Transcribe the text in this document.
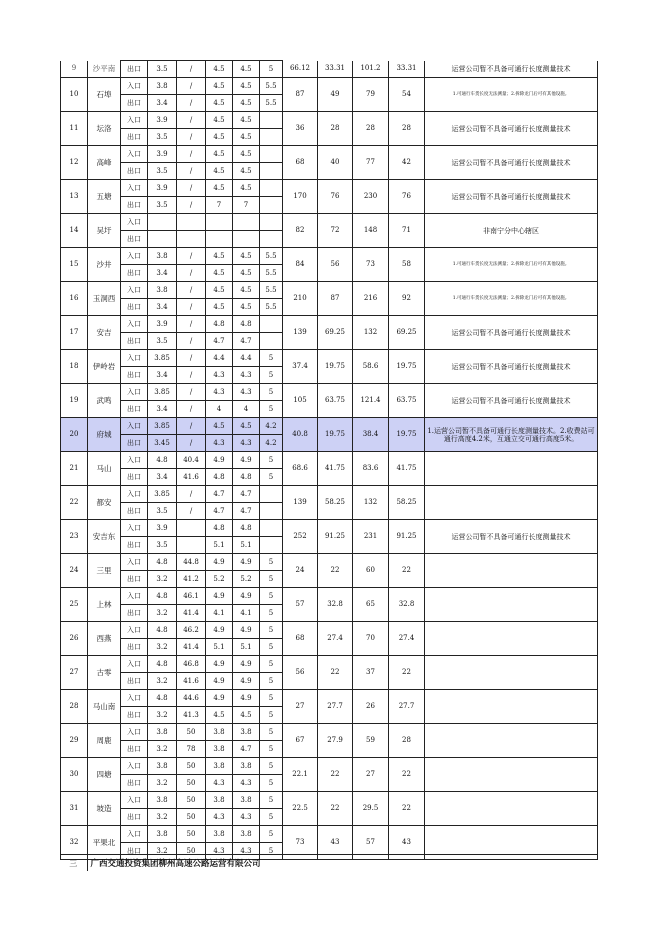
9	沙平南	出口	3.5	/	4.5	4.5	5	66.12	33.31	101.2	33.31	运营公司暂不具备可通行长度测量技术
10	石埠	入口	3.8	/	4.5	4.5	5.5	87	49	79	54	1.可通行车货长度无法测量；2.拆除龙门后可有其他设施。
		出口	3.4	/	4.5	4.5	5.5					
11	坛洛	入口	3.9	/	4.5	4.5		36	28	28	28	运营公司暂不具备可通行长度测量技术
		出口	3.5	/	4.5	4.5						
12	高峰	入口	3.9	/	4.5	4.5		68	40	77	42	运营公司暂不具备可通行长度测量技术
		出口	3.5	/	4.5	4.5						
13	五塘	入口	3.9	/	4.5	4.5		170	76	230	76	运营公司暂不具备可通行长度测量技术
		出口	3.5	/	7	7						
14	吴圩	入口						82	72	148	71	非南宁分中心辖区
		出口										
15	沙井	入口	3.8	/	4.5	4.5	5.5	84	56	73	58	1.可通行车货长度无法测量；2.拆除龙门后可有其他设施。
		出口	3.4	/	4.5	4.5	5.5					
16	玉洞西	入口	3.8	/	4.5	4.5	5.5	210	87	216	92	1.可通行车货长度无法测量；2.拆除龙门后可有其他设施。
		出口	3.4	/	4.5	4.5	5.5					
17	安吉	入口	3.9	/	4.8	4.8		139	69.25	132	69.25	运营公司暂不具备可通行长度测量技术
		出口	3.5	/	4.7	4.7						
18	伊岭岩	入口	3.85	/	4.4	4.4	5	37.4	19.75	58.6	19.75	运营公司暂不具备可通行长度测量技术
		出口	3.4	/	4.3	4.3	5					
19	武鸣	入口	3.85	/	4.3	4.3	5	105	63.75	121.4	63.75	运营公司暂不具备可通行长度测量技术
		出口	3.4	/	4	4	5					
20	府城	入口	3.85	/	4.5	4.5	4.2	40.8	19.75	38.4	19.75	1.运营公司暂不具备可通行长度测量技术。2.收费站可通行高度4.2米，互通立交可通行高度5米。
		出口	3.45	/	4.3	4.3	4.2					
21	马山	入口	4.8	40.4	4.9	4.9	5	68.6	41.75	83.6	41.75	
		出口	3.4	41.6	4.8	4.8	5					
22	都安	入口	3.85	/	4.7	4.7		139	58.25	132	58.25	
		出口	3.5	/	4.7	4.7						
23	安吉东	入口	3.9		4.8	4.8		252	91.25	231	91.25	运营公司暂不具备可通行长度测量技术
		出口	3.5		5.1	5.1						
24	三里	入口	4.8	44.8	4.9	4.9	5	24	22	60	22	
		出口	3.2	41.2	5.2	5.2	5					
25	上林	入口	4.8	46.1	4.9	4.9	5	57	32.8	65	32.8	
		出口	3.2	41.4	4.1	4.1	5					
26	西燕	入口	4.8	46.2	4.9	4.9	5	68	27.4	70	27.4	
		出口	3.2	41.4	5.1	5.1	5					
27	古零	入口	4.8	46.8	4.9	4.9	5	56	22	37	22	
		出口	3.2	41.6	4.9	4.9	5					
28	马山南	入口	4.8	44.6	4.9	4.9	5	27	27.7	26	27.7	
		出口	3.2	41.3	4.5	4.5	5					
29	周鹿	入口	3.8	50	3.8	3.8	5	67	27.9	59	28	
		出口	3.2	78	3.8	4.7	5					
30	四塘	入口	3.8	50	3.8	3.8	5	22.1	22	27	22	
		出口	3.2	50	4.3	4.3	5					
31	坡造	入口	3.8	50	3.8	3.8	5	22.5	22	29.5	22	
		出口	3.2	50	4.3	4.3	5					
32	平果北	入口	3.8	50	3.8	3.8	5	73	43	57	43	
		出口	3.2	50	4.3	4.3	5					
三	广西交通投资集团柳州高速公路运营有限公司	
